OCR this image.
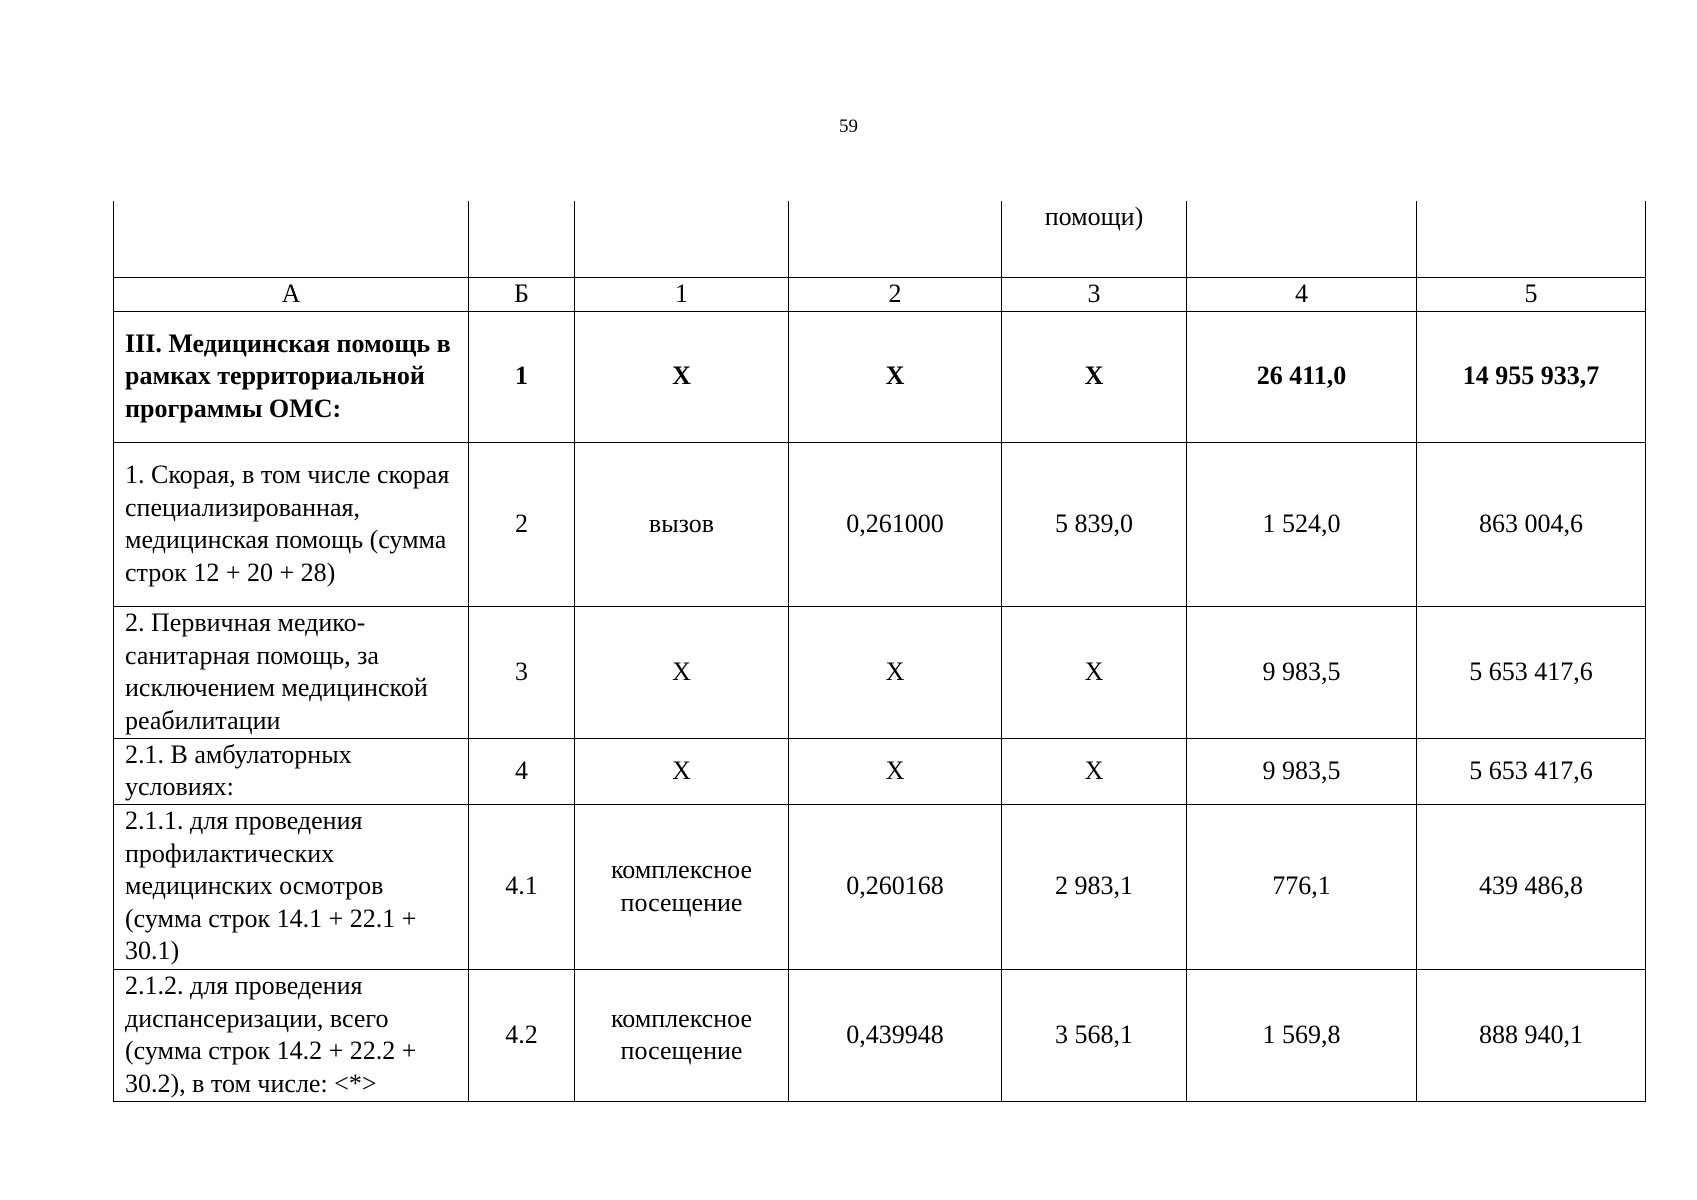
59
				помощи)		
А	Б	1	2	3	4	5
III. Медицинская помощь в рамках территориальной программы ОМС:	1	Х	Х	Х	26 411,0	14 955 933,7
1. Скорая, в том числе скорая специализированная, медицинская помощь (сумма строк 12 + 20 + 28)	2	вызов	0,261000	5 839,0	1 524,0	863 004,6
2. Первичная медико-санитарная помощь, за исключением медицинской реабилитации	3	Х	Х	Х	9 983,5	5 653 417,6
2.1. В амбулаторных условиях:	4	Х	Х	Х	9 983,5	5 653 417,6
2.1.1. для проведения профилактических медицинских осмотров (сумма строк 14.1 + 22.1 + 30.1)	4.1	комплексное посещение	0,260168	2 983,1	776,1	439 486,8
2.1.2. для проведения диспансеризации, всего (сумма строк 14.2 + 22.2 + 30.2), в том числе: <*>	4.2	комплексное посещение	0,439948	3 568,1	1 569,8	888 940,1
